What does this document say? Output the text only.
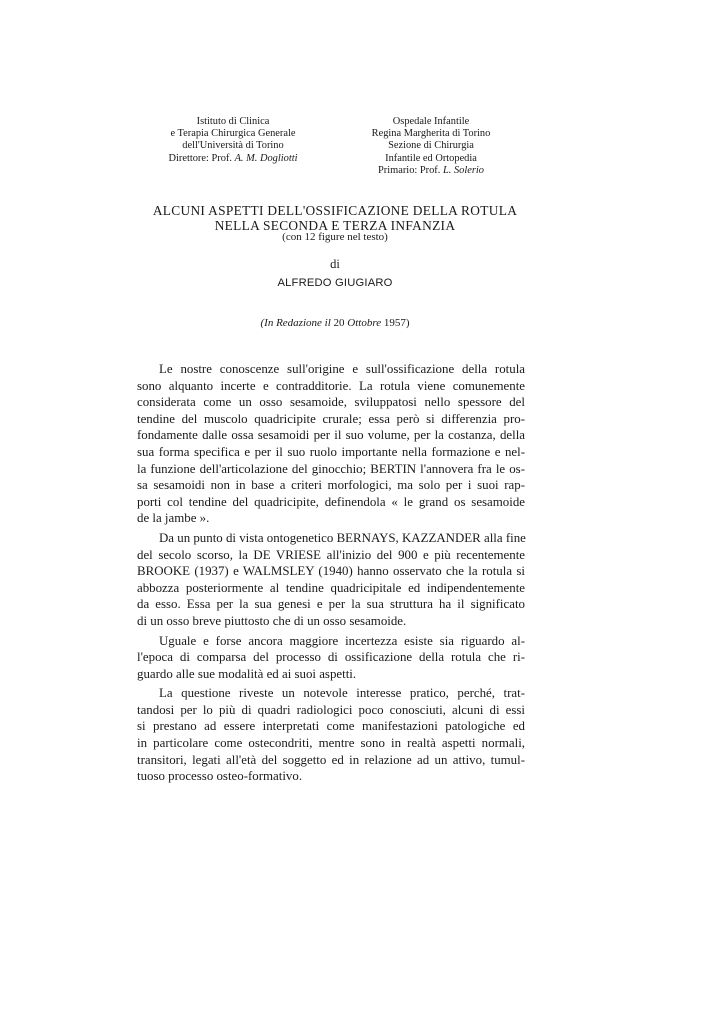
Istituto di Clinica
e Terapia Chirurgica Generale
dell'Università di Torino
Direttore: Prof. A. M. Dogliotti
Ospedale Infantile
Regina Margherita di Torino
Sezione di Chirurgia
Infantile ed Ortopedia
Primario: Prof. L. Solerio
ALCUNI ASPETTI DELL'OSSIFICAZIONE DELLA ROTULA
NELLA SECONDA E TERZA INFANZIA
(con 12 figure nel testo)
di
ALFREDO GIUGIARO
(In Redazione il 20 Ottobre 1957)
Le nostre conoscenze sull'origine e sull'ossificazione della rotula
sono alquanto incerte e contradditorie. La rotula viene comunemente
considerata come un osso sesamoide, sviluppatosi nello spessore del
tendine del muscolo quadricipite crurale; essa però si differenzia pro-
fondamente dalle ossa sesamoidi per il suo volume, per la costanza, della
sua forma specifica e per il suo ruolo importante nella formazione e nel-
la funzione dell'articolazione del ginocchio; BERTIN l'annovera fra le os-
sa sesamoidi non in base a criteri morfologici, ma solo per i suoi rap-
porti col tendine del quadricipite, definendola « le grand os sesamoide
de la jambe ».
Da un punto di vista ontogenetico BERNAYS, KAZZANDER alla fine
del secolo scorso, la DE VRIESE all'inizio del 900 e più recentemente
BROOKE (1937) e WALMSLEY (1940) hanno osservato che la rotula si
abbozza posteriormente al tendine quadricipitale ed indipendentemente
da esso. Essa per la sua genesi e per la sua struttura ha il significato
di un osso breve piuttosto che di un osso sesamoide.
Uguale e forse ancora maggiore incertezza esiste sia riguardo al-
l'epoca di comparsa del processo di ossificazione della rotula che ri-
guardo alle sue modalità ed ai suoi aspetti.
La questione riveste un notevole interesse pratico, perché, trat-
tandosi per lo più di quadri radiologici poco conosciuti, alcuni di essi
si prestano ad essere interpretati come manifestazioni patologiche ed
in particolare come ostecondriti, mentre sono in realtà aspetti normali,
transitori, legati all'età del soggetto ed in relazione ad un attivo, tumul-
tuoso processo osteo-formativo.
